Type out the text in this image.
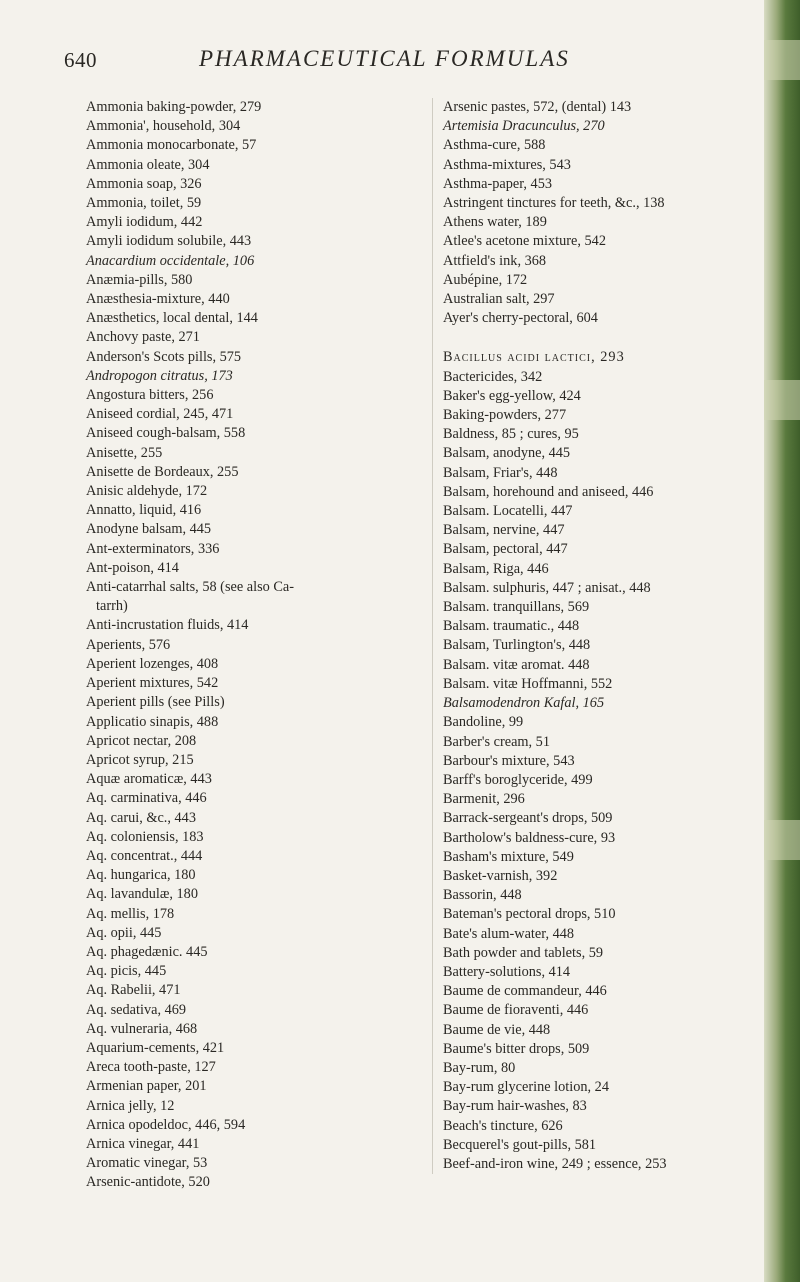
640	PHARMACEUTICAL FORMULAS
Ammonia baking-powder, 279
Ammonia', household, 304
Ammonia monocarbonate, 57
Ammonia oleate, 304
Ammonia soap, 326
Ammonia, toilet, 59
Amyli iodidum, 442
Amyli iodidum solubile, 443
Anacardium occidentale, 106
Anæmia-pills, 580
Anæsthesia-mixture, 440
Anæsthetics, local dental, 144
Anchovy paste, 271
Anderson's Scots pills, 575
Andropogon citratus, 173
Angostura bitters, 256
Aniseed cordial, 245, 471
Aniseed cough-balsam, 558
Anisette, 255
Anisette de Bordeaux, 255
Anisic aldehyde, 172
Annatto, liquid, 416
Anodyne balsam, 445
Ant-exterminators, 336
Ant-poison, 414
Anti-catarrhal salts, 58 (see also Ca-
tarrh)
Anti-incrustation fluids, 414
Aperients, 576
Aperient lozenges, 408
Aperient mixtures, 542
Aperient pills (see Pills)
Applicatio sinapis, 488
Apricot nectar, 208
Apricot syrup, 215
Aquæ aromaticæ, 443
Aq. carminativa, 446
Aq. carui, &c., 443
Aq. coloniensis, 183
Aq. concentrat., 444
Aq. hungarica, 180
Aq. lavandulæ, 180
Aq. mellis, 178
Aq. opii, 445
Aq. phagedænic. 445
Aq. picis, 445
Aq. Rabelii, 471
Aq. sedativa, 469
Aq. vulneraria, 468
Aquarium-cements, 421
Areca tooth-paste, 127
Armenian paper, 201
Arnica jelly, 12
Arnica opodeldoc, 446, 594
Arnica vinegar, 441
Aromatic vinegar, 53
Arsenic-antidote, 520
Arsenic pastes, 572, (dental) 143
Artemisia Dracunculus, 270
Asthma-cure, 588
Asthma-mixtures, 543
Asthma-paper, 453
Astringent tinctures for teeth, &c., 138
Athens water, 189
Atlee's acetone mixture, 542
Attfield's ink, 368
Aubépine, 172
Australian salt, 297
Ayer's cherry-pectoral, 604
Bacillus acidi lactici, 293
Bactericides, 342
Baker's egg-yellow, 424
Baking-powders, 277
Baldness, 85 ; cures, 95
Balsam, anodyne, 445
Balsam, Friar's, 448
Balsam, horehound and aniseed, 446
Balsam. Locatelli, 447
Balsam, nervine, 447
Balsam, pectoral, 447
Balsam, Riga, 446
Balsam. sulphuris, 447 ; anisat., 448
Balsam. tranquillans, 569
Balsam. traumatic., 448
Balsam, Turlington's, 448
Balsam. vitæ aromat. 448
Balsam. vitæ Hoffmanni, 552
Balsamodendron Kafal, 165
Bandoline, 99
Barber's cream, 51
Barbour's mixture, 543
Barff's boroglyceride, 499
Barmenit, 296
Barrack-sergeant's drops, 509
Bartholow's baldness-cure, 93
Basham's mixture, 549
Basket-varnish, 392
Bassorin, 448
Bateman's pectoral drops, 510
Bate's alum-water, 448
Bath powder and tablets, 59
Battery-solutions, 414
Baume de commandeur, 446
Baume de fioraventi, 446
Baume de vie, 448
Baume's bitter drops, 509
Bay-rum, 80
Bay-rum glycerine lotion, 24
Bay-rum hair-washes, 83
Beach's tincture, 626
Becquerel's gout-pills, 581
Beef-and-iron wine, 249 ; essence, 253
